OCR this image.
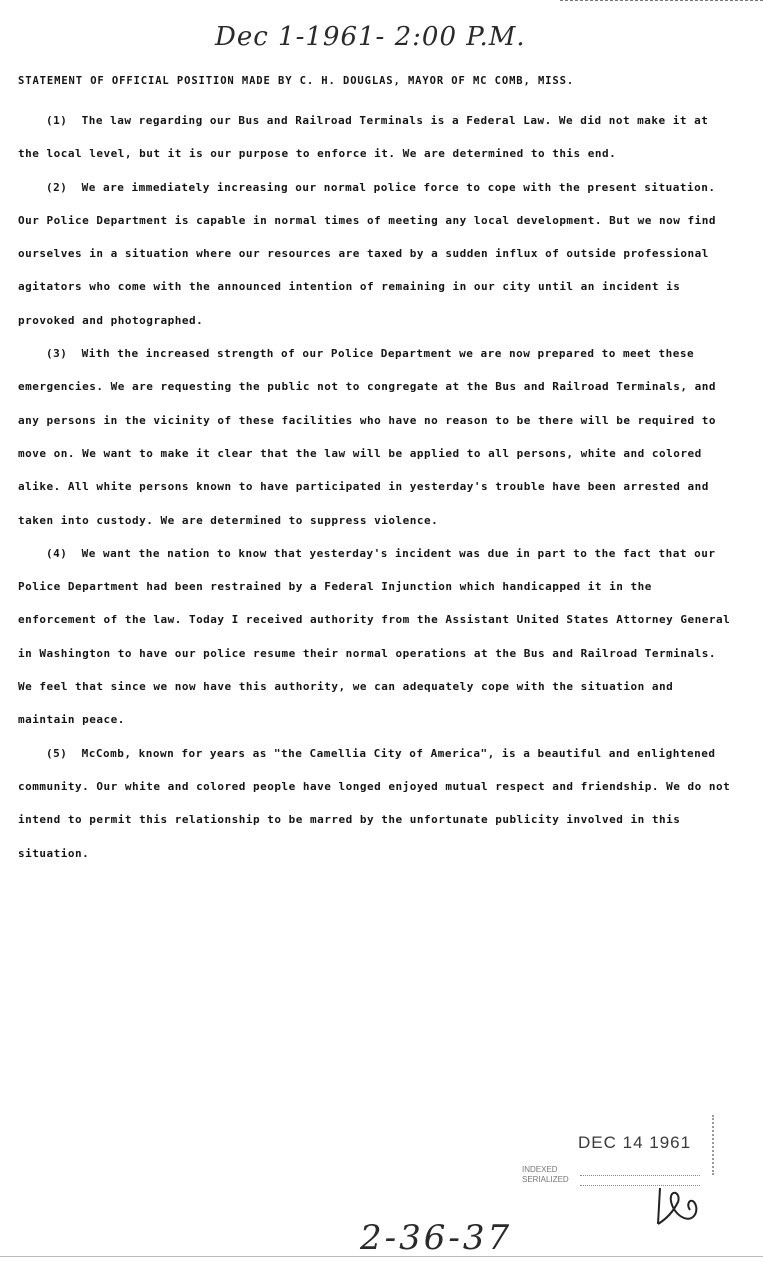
Dec 1-1961- 2:00 P.M.
STATEMENT OF OFFICIAL POSITION MADE BY C. H. DOUGLAS, MAYOR OF MC COMB, MISS.

(1) The law regarding our Bus and Railroad Terminals is a Federal Law. We did not make it at the local level, but it is our purpose to enforce it. We are determined to this end.

(2) We are immediately increasing our normal police force to cope with the present situation. Our Police Department is capable in normal times of meeting any local development. But we now find ourselves in a situation where our resources are taxed by a sudden influx of outside professional agitators who come with the announced intention of remaining in our city until an incident is provoked and photographed.

(3) With the increased strength of our Police Department we are now prepared to meet these emergencies. We are requesting the public not to congregate at the Bus and Railroad Terminals, and any persons in the vicinity of these facilities who have no reason to be there will be required to move on. We want to make it clear that the law will be applied to all persons, white and colored alike. All white persons known to have participated in yesterday's trouble have been arrested and taken into custody. We are determined to suppress violence.

(4) We want the nation to know that yesterday's incident was due in part to the fact that our Police Department had been restrained by a Federal Injunction which handicapped it in the enforcement of the law. Today I received authority from the Assistant United States Attorney General in Washington to have our police resume their normal operations at the Bus and Railroad Terminals. We feel that since we now have this authority, we can adequately cope with the situation and maintain peace.

(5) McComb, known for years as "the Camellia City of America", is a beautiful and enlightened community. Our white and colored people have longed enjoyed mutual respect and friendship. We do not intend to permit this relationship to be marred by the unfortunate publicity involved in this situation.

DEC 14 1961
INDEXED
SERIALIZED
2-36-37
